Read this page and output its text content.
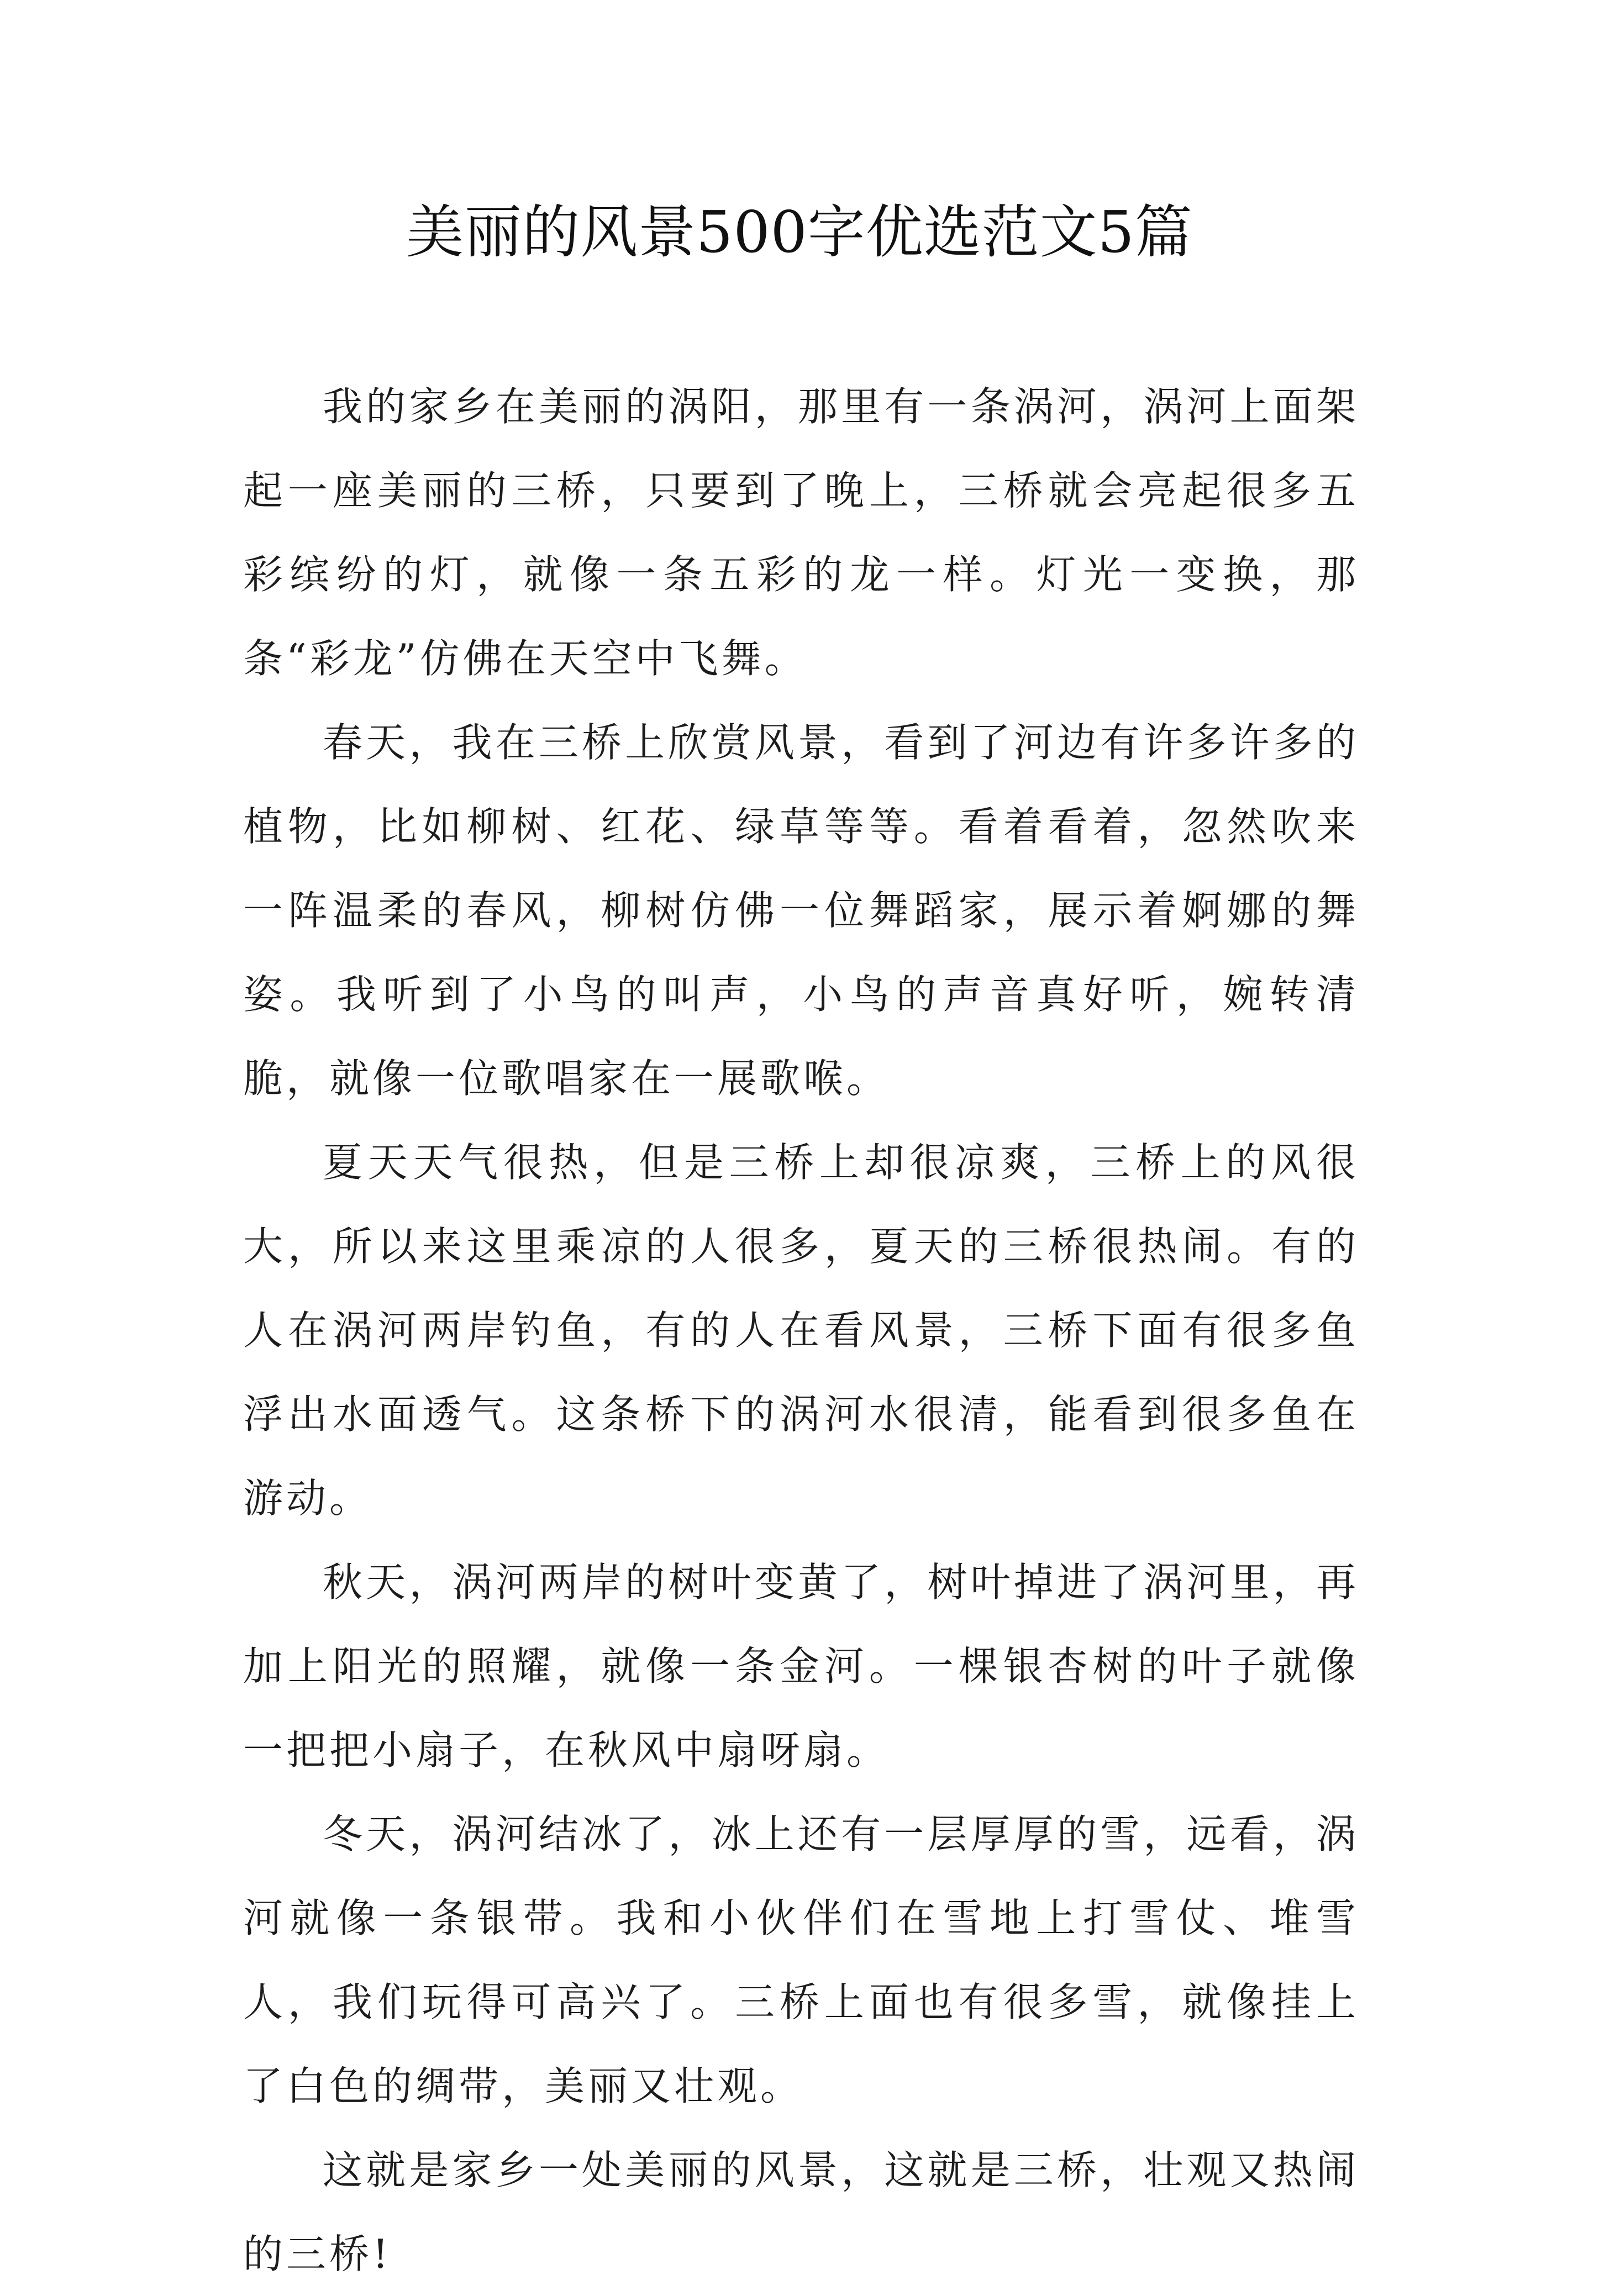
美丽的风景500字优选范文5篇

我的家乡在美丽的涡阳，那里有一条涡河，涡河上面架起一座美丽的三桥，只要到了晚上，三桥就会亮起很多五彩缤纷的灯，就像一条五彩的龙一样。灯光一变换，那条“彩龙”仿佛在天空中飞舞。

春天，我在三桥上欣赏风景，看到了河边有许多许多的植物，比如柳树、红花、绿草等等。看着看着，忽然吹来一阵温柔的春风，柳树仿佛一位舞蹈家，展示着婀娜的舞姿。我听到了小鸟的叫声，小鸟的声音真好听，婉转清脆，就像一位歌唱家在一展歌喉。

夏天天气很热，但是三桥上却很凉爽，三桥上的风很大，所以来这里乘凉的人很多，夏天的三桥很热闹。有的人在涡河两岸钓鱼，有的人在看风景，三桥下面有很多鱼浮出水面透气。这条桥下的涡河水很清，能看到很多鱼在游动。

秋天，涡河两岸的树叶变黄了，树叶掉进了涡河里，再加上阳光的照耀，就像一条金河。一棵银杏树的叶子就像一把把小扇子，在秋风中扇呀扇。

冬天，涡河结冰了，冰上还有一层厚厚的雪，远看，涡河就像一条银带。我和小伙伴们在雪地上打雪仗、堆雪人，我们玩得可高兴了。三桥上面也有很多雪，就像挂上了白色的绸带，美丽又壮观。

这就是家乡一处美丽的风景，这就是三桥，壮观又热闹的三桥!
